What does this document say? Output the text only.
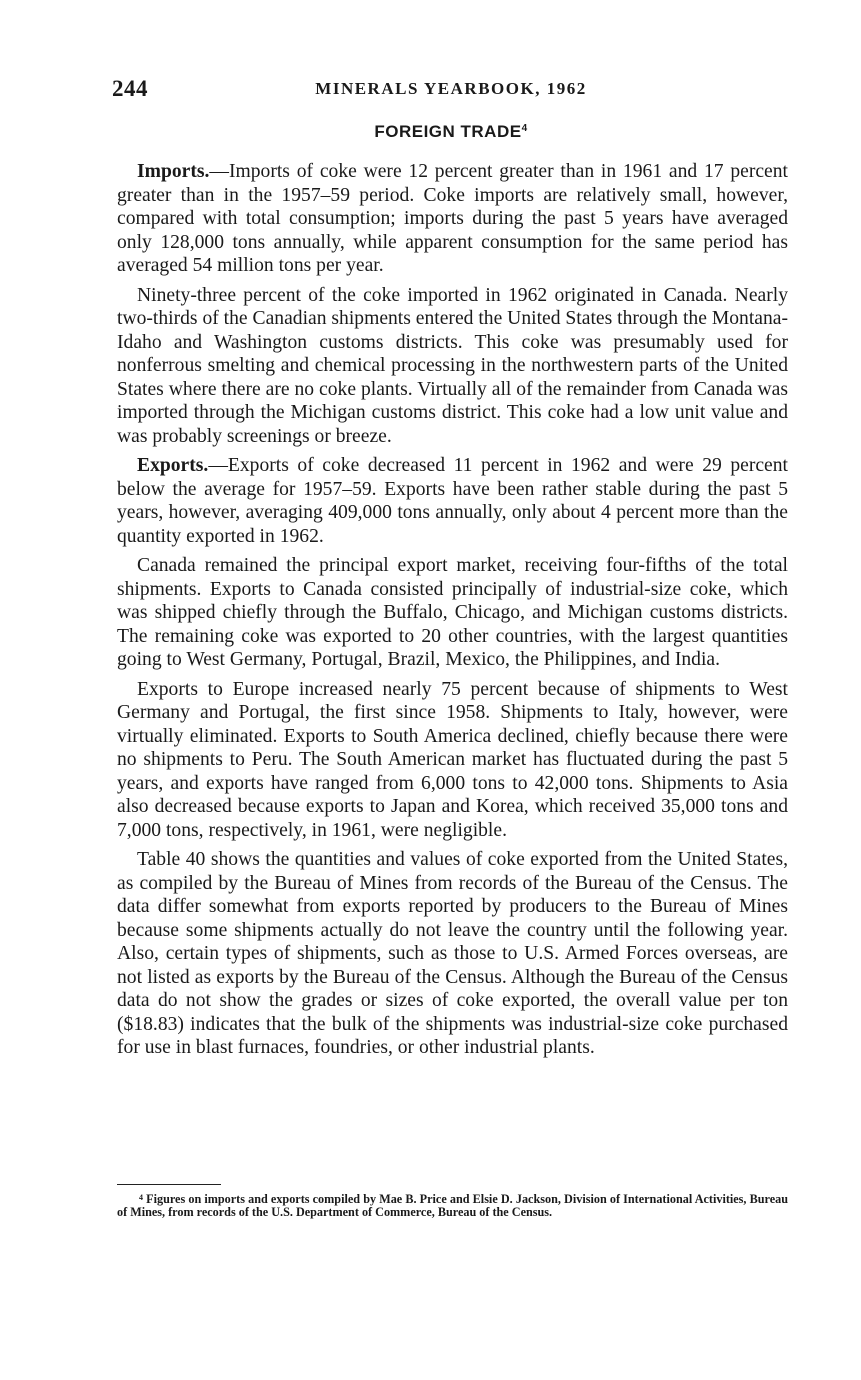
244	MINERALS YEARBOOK, 1962
FOREIGN TRADE$^4$

Imports.—Imports of coke were 12 percent greater than in 1961 and 17 percent greater than in the 1957–59 period. Coke imports are relatively small, however, compared with total consumption; imports during the past 5 years have averaged only 128,000 tons annually, while apparent consumption for the same period has averaged 54 million tons per year.

Ninety-three percent of the coke imported in 1962 originated in Canada. Nearly two-thirds of the Canadian shipments entered the United States through the Montana-Idaho and Washington customs districts. This coke was presumably used for nonferrous smelting and chemical processing in the northwestern parts of the United States where there are no coke plants. Virtually all of the remainder from Canada was imported through the Michigan customs district. This coke had a low unit value and was probably screenings or breeze.

Exports.—Exports of coke decreased 11 percent in 1962 and were 29 percent below the average for 1957–59. Exports have been rather stable during the past 5 years, however, averaging 409,000 tons annually, only about 4 percent more than the quantity exported in 1962.

Canada remained the principal export market, receiving four-fifths of the total shipments. Exports to Canada consisted principally of industrial-size coke, which was shipped chiefly through the Buffalo, Chicago, and Michigan customs districts. The remaining coke was exported to 20 other countries, with the largest quantities going to West Germany, Portugal, Brazil, Mexico, the Philippines, and India.

Exports to Europe increased nearly 75 percent because of shipments to West Germany and Portugal, the first since 1958. Shipments to Italy, however, were virtually eliminated. Exports to South America declined, chiefly because there were no shipments to Peru. The South American market has fluctuated during the past 5 years, and exports have ranged from 6,000 tons to 42,000 tons. Shipments to Asia also decreased because exports to Japan and Korea, which received 35,000 tons and 7,000 tons, respectively, in 1961, were negligible.

Table 40 shows the quantities and values of coke exported from the United States, as compiled by the Bureau of Mines from records of the Bureau of the Census. The data differ somewhat from exports reported by producers to the Bureau of Mines because some shipments actually do not leave the country until the following year. Also, certain types of shipments, such as those to U.S. Armed Forces overseas, are not listed as exports by the Bureau of the Census. Although the Bureau of the Census data do not show the grades or sizes of coke exported, the overall value per ton ($18.83) indicates that the bulk of the shipments was industrial-size coke purchased for use in blast furnaces, foundries, or other industrial plants.

$^4$ Figures on imports and exports compiled by Mae B. Price and Elsie D. Jackson, Division of International Activities, Bureau of Mines, from records of the U.S. Department of Commerce, Bureau of the Census.
